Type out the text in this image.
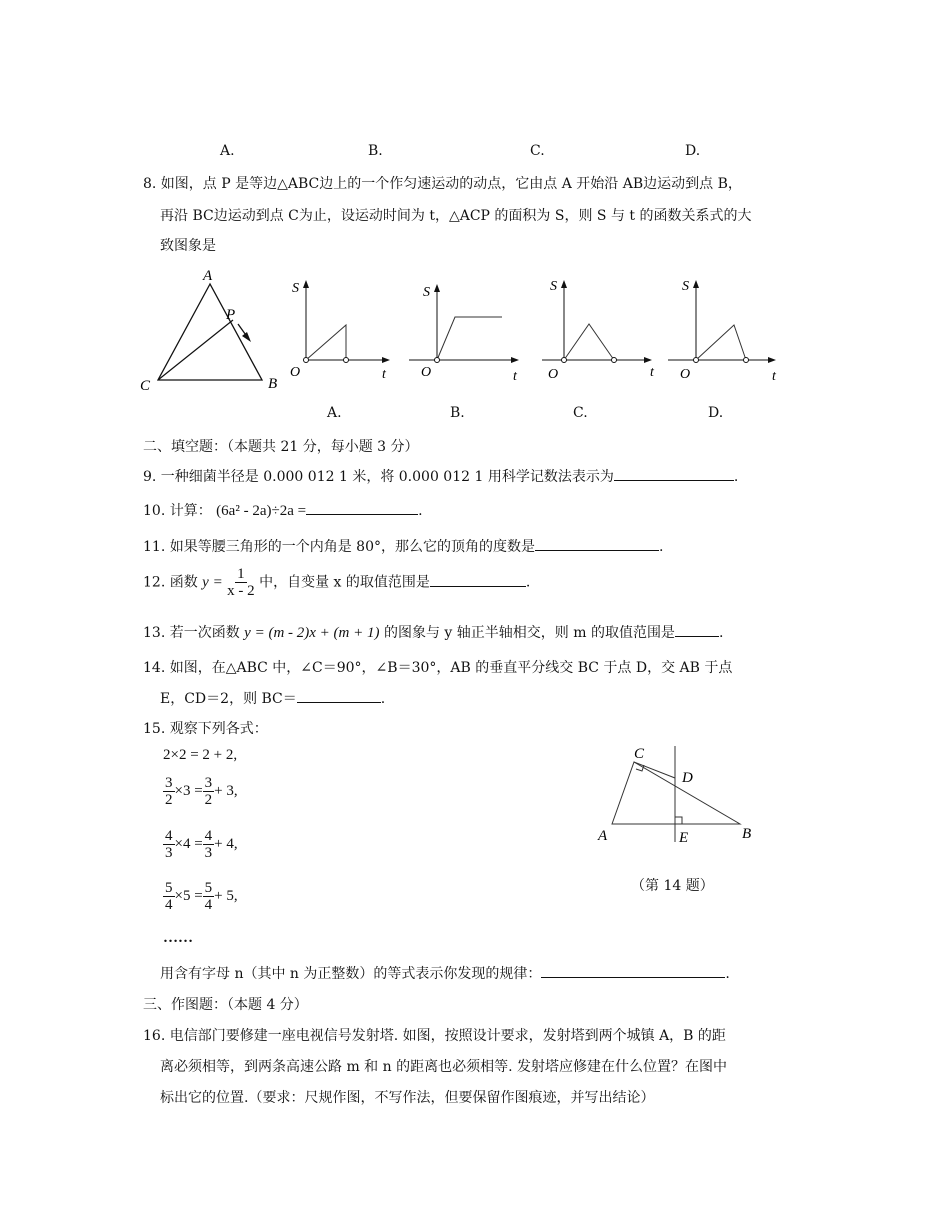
A.	B.	C.	D.
8. 如图，点 P 是等边△ABC边上的一个作匀速运动的动点，它由点 A 开始沿 AB边运动到点 B，
再沿 BC边运动到点 C为止，设运动时间为 t，△ACP 的面积为 S，则 S 与 t 的函数关系式的大
致图象是
A
P
C	B
S
O	t
S
O	t
S
O	t
S
O	t
A.	B.	C.	D.
二、填空题：（本题共 21 分，每小题 3 分）
9. 一种细菌半径是 0.000 012 1 米，将 0.000 012 1 用科学记数法表示为	.
10. 计算： (6a² - 2a)÷2a =	.
11. 如果等腰三角形的一个内角是 80°，那么它的顶角的度数是	.
12. 函数 $y = \frac{1}{x - 2}$ 中，自变量 x 的取值范围是	.
13. 若一次函数 y = (m - 2)x + (m + 1) 的图象与 y 轴正半轴相交，则 m 的取值范围是	.
14. 如图，在△ABC 中，∠C＝90°，∠B＝30°，AB 的垂直平分线交 BC 于点 D，交 AB 于点
E，CD＝2，则 BC＝	.
C
D
A	E	B
（第 14 题）
15. 观察下列各式：
2×2 = 2 + 2,
$\frac{3}{2} \times 3 = \frac{3}{2} + 3$,
$\frac{4}{3} \times 4 = \frac{4}{3} + 4$,
$\frac{5}{4} \times 5 = \frac{5}{4} + 5$,
……
用含有字母 n（其中 n 为正整数）的等式表示你发现的规律：	.
三、作图题：（本题 4 分）
16. 电信部门要修建一座电视信号发射塔. 如图，按照设计要求，发射塔到两个城镇 A，B 的距
离必须相等，到两条高速公路 m 和 n 的距离也必须相等. 发射塔应修建在什么位置？在图中
标出它的位置.（要求：尺规作图，不写作法，但要保留作图痕迹，并写出结论）
